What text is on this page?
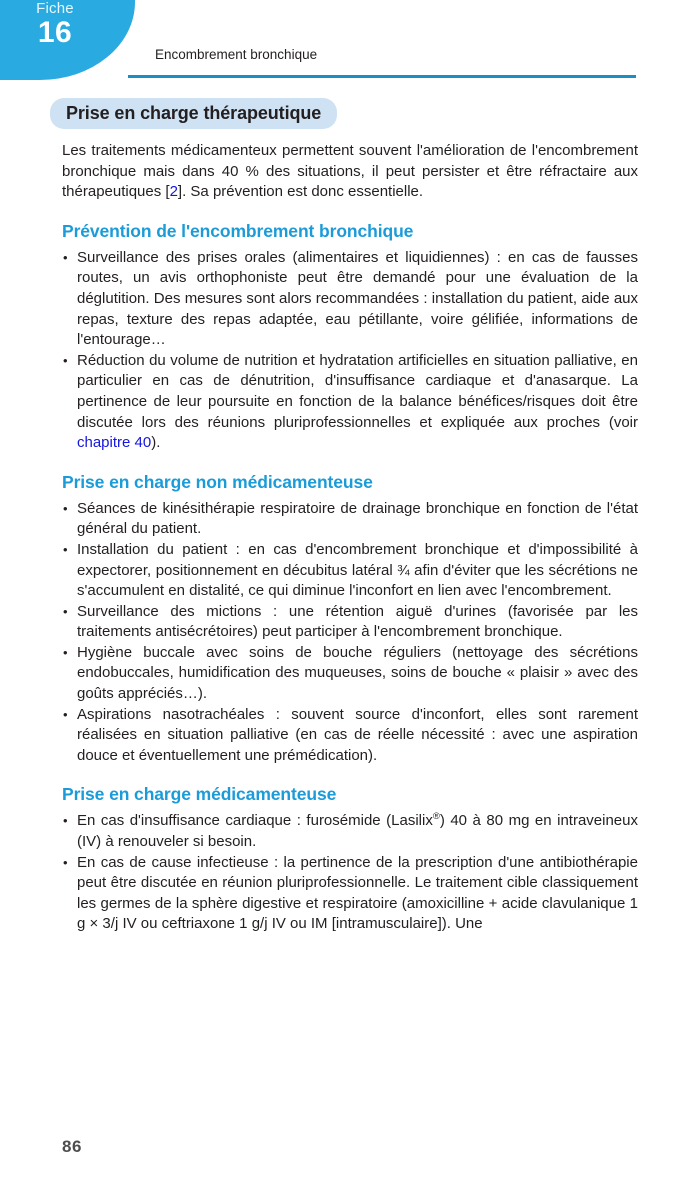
Fiche
16
Encombrement bronchique
Prise en charge thérapeutique

Les traitements médicamenteux permettent souvent l'amélioration de l'encombrement bronchique mais dans 40 % des situations, il peut persister et être réfractaire aux thérapeutiques [2]. Sa prévention est donc essentielle.

Prévention de l'encombrement bronchique
• Surveillance des prises orales (alimentaires et liquidiennes) : en cas de fausses routes, un avis orthophoniste peut être demandé pour une évaluation de la déglutition. Des mesures sont alors recommandées : installation du patient, aide aux repas, texture des repas adaptée, eau pétillante, voire gélifiée, informations de l'entourage…
• Réduction du volume de nutrition et hydratation artificielles en situation palliative, en particulier en cas de dénutrition, d'insuffisance cardiaque et d'anasarque. La pertinence de leur poursuite en fonction de la balance bénéfices/risques doit être discutée lors des réunions pluriprofessionnelles et expliquée aux proches (voir chapitre 40).
Prise en charge non médicamenteuse
• Séances de kinésithérapie respiratoire de drainage bronchique en fonction de l'état général du patient.
• Installation du patient : en cas d'encombrement bronchique et d'impossibilité à expectorer, positionnement en décubitus latéral ¾ afin d'éviter que les sécrétions ne s'accumulent en distalité, ce qui diminue l'inconfort en lien avec l'encombrement.
• Surveillance des mictions : une rétention aiguë d'urines (favorisée par les traitements antisécrétoires) peut participer à l'encombrement bronchique.
• Hygiène buccale avec soins de bouche réguliers (nettoyage des sécrétions endobuccales, humidification des muqueuses, soins de bouche « plaisir » avec des goûts appréciés…).
• Aspirations nasotrachéales : souvent source d'inconfort, elles sont rarement réalisées en situation palliative (en cas de réelle nécessité : avec une aspiration douce et éventuellement une prémédication).
Prise en charge médicamenteuse
• En cas d'insuffisance cardiaque : furosémide (Lasilix®) 40 à 80 mg en intraveineux (IV) à renouveler si besoin.
• En cas de cause infectieuse : la pertinence de la prescription d'une antibiothérapie peut être discutée en réunion pluriprofessionnelle. Le traitement cible classiquement les germes de la sphère digestive et respiratoire (amoxicilline + acide clavulanique 1 g × 3/j IV ou ceftriaxone 1 g/j IV ou IM [intramusculaire]). Une
86
